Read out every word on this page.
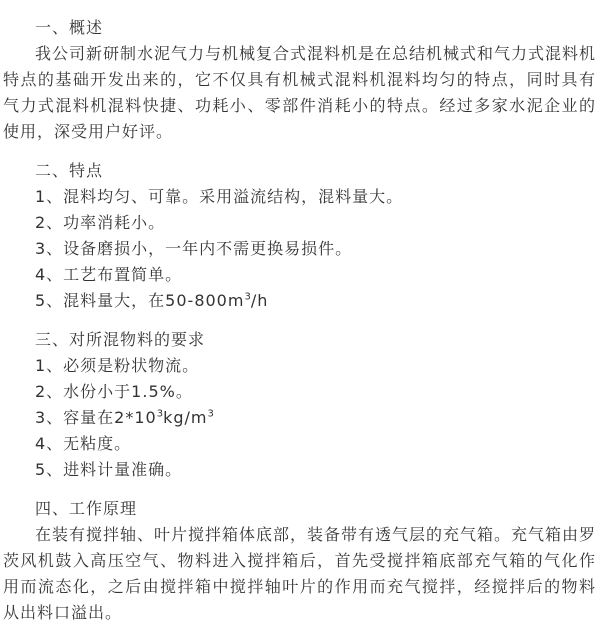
一、概述

我公司新研制水泥气力与机械复合式混料机是在总结机械式和气力式混料机特点的基础开发出来的，它不仅具有机械式混料机混料均匀的特点，同时具有气力式混料机混料快捷、功耗小、零部件消耗小的特点。经过多家水泥企业的使用，深受用户好评。

二、特点

1、混料均匀、可靠。采用溢流结构，混料量大。

2、功率消耗小。

3、设备磨损小，一年内不需更换易损件。

4、工艺布置简单。

5、混料量大，在$50-800m^3/h$

三、对所混物料的要求

1、必须是粉状物流。

2、水份小于1.5%。

3、容量在$2*10^3kg/m^3$

4、无粘度。

5、进料计量准确。

四、工作原理

在装有搅拌轴、叶片搅拌箱体底部，装备带有透气层的充气箱。充气箱由罗茨风机鼓入高压空气、物料进入搅拌箱后，首先受搅拌箱底部充气箱的气化作用而流态化，之后由搅拌箱中搅拌轴叶片的作用而充气搅拌，经搅拌后的物料从出料口溢出。
